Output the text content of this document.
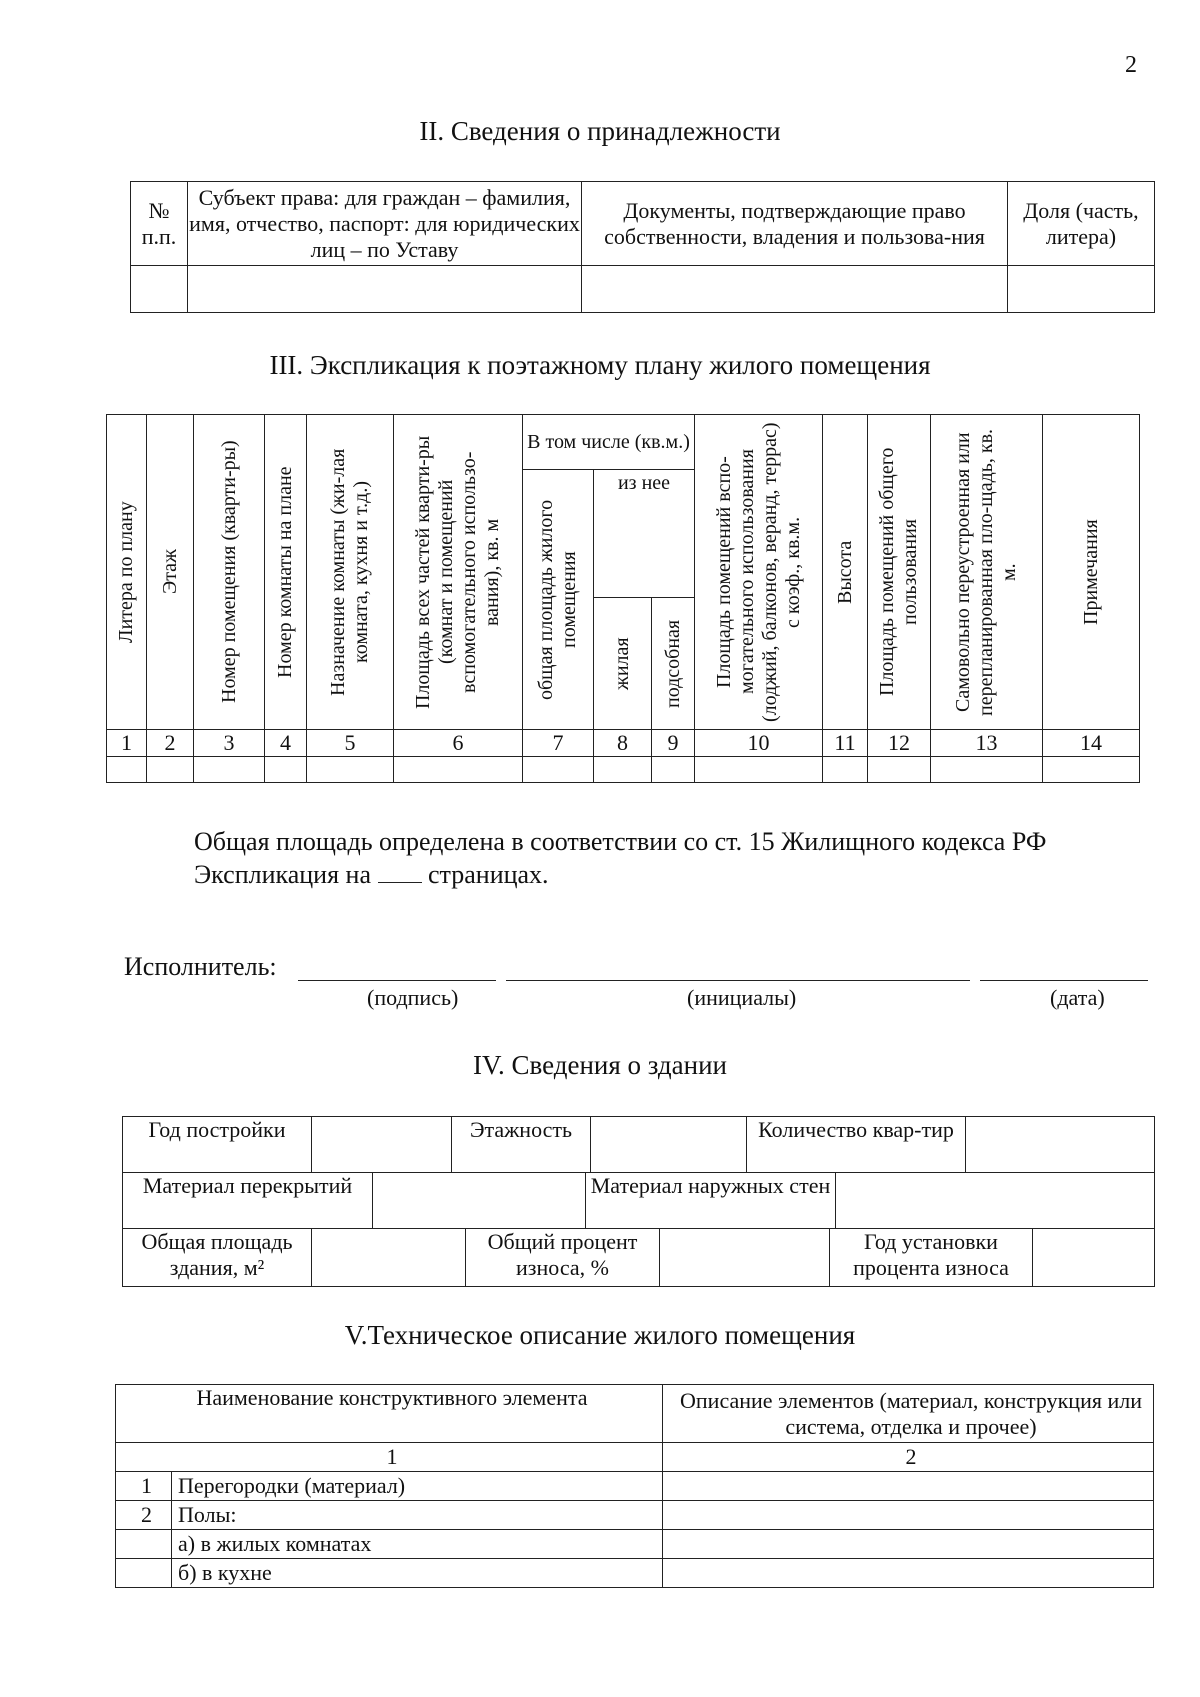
2
II. Сведения о принадлежности
№ п.п.	Субъект права: для граждан – фамилия, имя, отчество, паспорт: для юридических лиц – по Уставу	Документы, подтверждающие право собственности, владения и пользова-ния	Доля (часть, литера)

III. Экспликация к поэтажному плану жилого помещения
Литера по плану	Этаж	Номер помещения (кварти-ры)	Номер комнаты на плане	Назначение комнаты (жи-лая комната, кухня и т.д.)	Площадь всех частей кварти-ры (комнат и помещений вспомогательного использо-вания), кв. м	В том числе (кв.м.)			Площадь помещений вспо-могательного использования (лоджий, балконов, веранд, террас) с коэф., кв.м.	Высота	Площадь помещений общего пользования	Самовольно переустроенная или перепланированная пло-щадь, кв. м.	Примечания

						общая площадь жилого помещения	из нее						

							жилая	подсобная					

1	2	3	4	5	6	7	8	9	10	11	12	13	14

Общая площадь определена в соответствии со ст. 15 Жилищного кодекса РФ
Экспликация на страницах.
Исполнитель:
(подпись)	(инициалы)	(дата)
IV. Сведения о здании
Год постройки		Этажность		Количество квар-тир	
Материал перекрытий		Материал наружных стен	
Общая площадь здания, м²		Общий процент износа, %		Год установки процента износа	
V.Техническое описание жилого помещения
Наименование конструктивного элемента		Описание элементов (материал, конструкция или система, отделка и прочее)
1		2
1	Перегородки (материал)	
2	Полы:	
	а) в жилых комнатах	
	б) в кухне	
